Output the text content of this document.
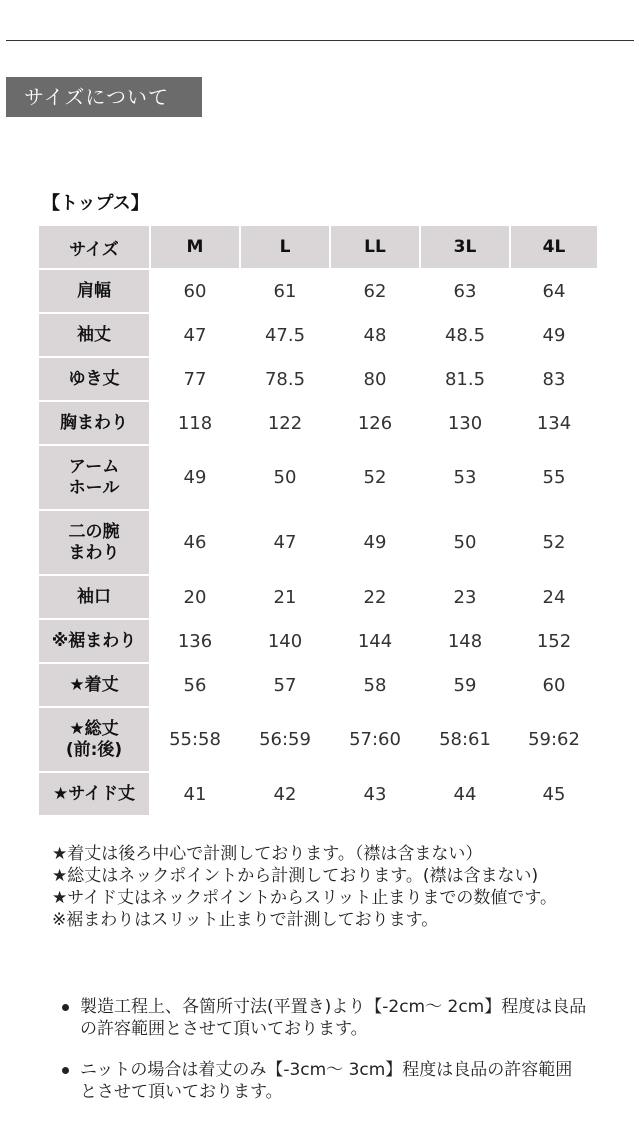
サイズについて
【トップス】
サイズ	M	L	LL	3L	4L
肩幅	60	61	62	63	64
袖丈	47	47.5	48	48.5	49
ゆき丈	77	78.5	80	81.5	83
胸まわり	118	122	126	130	134
アーム
ホール	49	50	52	53	55
二の腕
まわり	46	47	49	50	52
袖口	20	21	22	23	24
※裾まわり	136	140	144	148	152
★着丈	56	57	58	59	60
★総丈
(前:後)	55:58	56:59	57:60	58:61	59:62
★サイド丈	41	42	43	44	45

★着丈は後ろ中心で計測しております。（襟は含まない）

★総丈はネックポイントから計測しております。(襟は含まない)

★サイド丈はネックポイントからスリット止まりまでの数値です。

※裾まわりはスリット止まりで計測しております。

製造工程上、各箇所寸法(平置き)より【-2cm～ 2cm】程度は良品の許容範囲とさせて頂いております。
ニットの場合は着丈のみ【-3cm～ 3cm】程度は良品の許容範囲とさせて頂いております。
